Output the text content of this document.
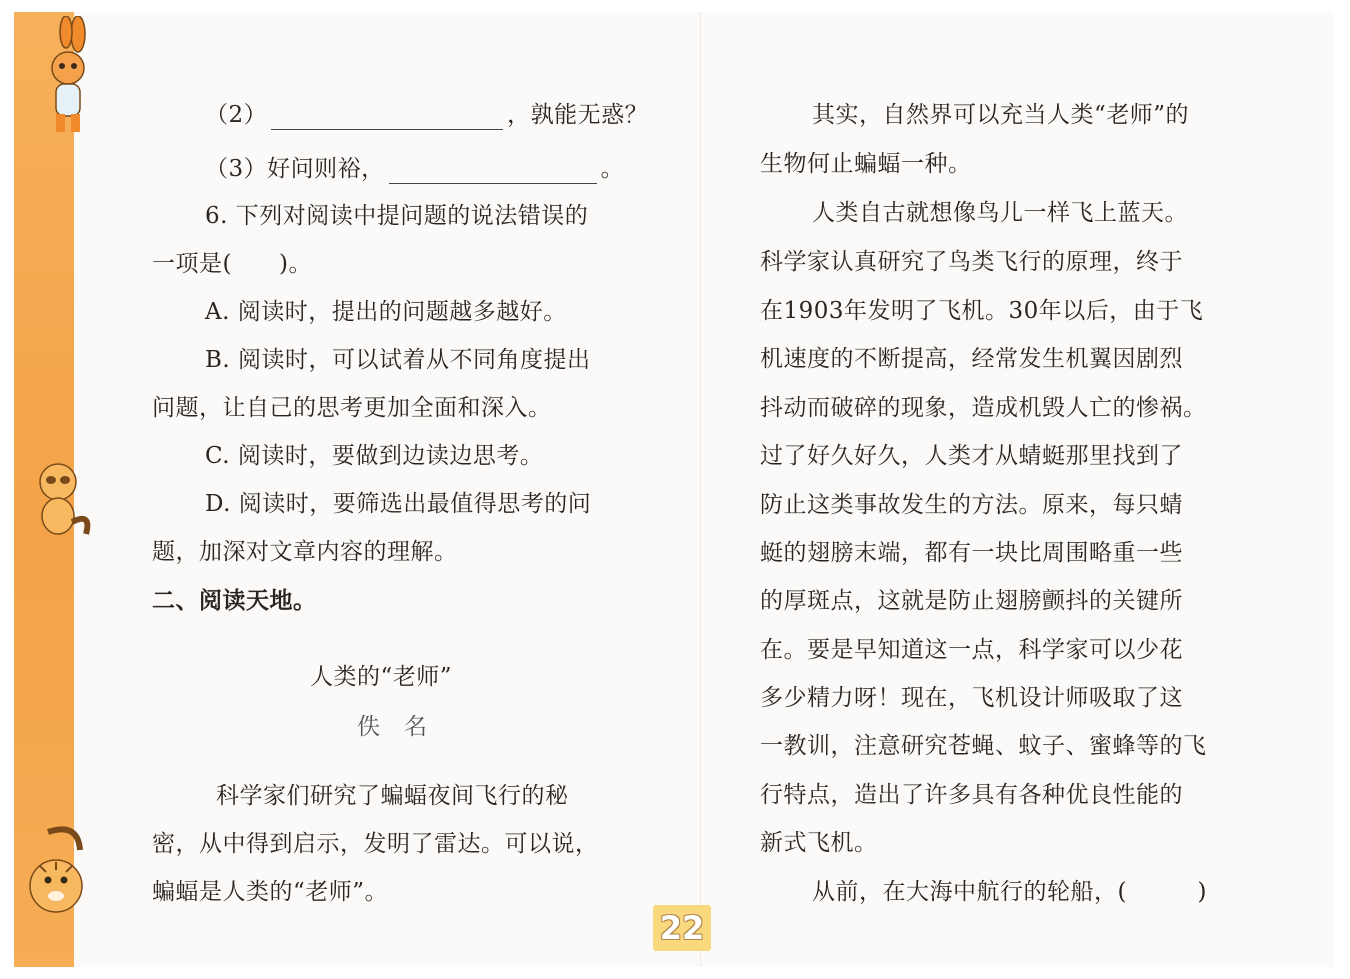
（2）	，孰能无惑？
（3）好问则裕，	。
6. 下列对阅读中提问题的说法错误的
一项是(　　)。
A. 阅读时，提出的问题越多越好。
B. 阅读时，可以试着从不同角度提出
问题，让自己的思考更加全面和深入。
C. 阅读时，要做到边读边思考。
D. 阅读时，要筛选出最值得思考的问
题，加深对文章内容的理解。
二、阅读天地。
人类的“老师”
佚　名
科学家们研究了蝙蝠夜间飞行的秘
密，从中得到启示，发明了雷达。可以说，
蝙蝠是人类的“老师”。
其实，自然界可以充当人类“老师”的
生物何止蝙蝠一种。
人类自古就想像鸟儿一样飞上蓝天。
科学家认真研究了鸟类飞行的原理，终于
在1903年发明了飞机。30年以后，由于飞
机速度的不断提高，经常发生机翼因剧烈
抖动而破碎的现象，造成机毁人亡的惨祸。
过了好久好久，人类才从蜻蜓那里找到了
防止这类事故发生的方法。原来，每只蜻
蜓的翅膀末端，都有一块比周围略重一些
的厚斑点，这就是防止翅膀颤抖的关键所
在。要是早知道这一点，科学家可以少花
多少精力呀！现在，飞机设计师吸取了这
一教训，注意研究苍蝇、蚊子、蜜蜂等的飞
行特点，造出了许多具有各种优良性能的
新式飞机。
从前，在大海中航行的轮船，(　　　)
22
